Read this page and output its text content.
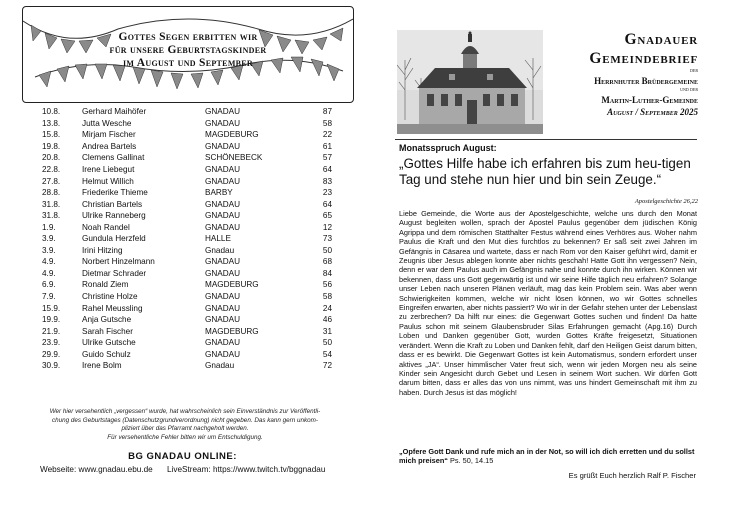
Gottes Segen erbitten wir
für unsere Geburtstagskinder
im August und September
10.8.	Gerhard Maihöfer	GNADAU	87
13.8.	Jutta Wesche	GNADAU	58
15.8.	Mirjam Fischer	MAGDEBURG	22
19.8.	Andrea Bartels	GNADAU	61
20.8.	Clemens Gallinat	SCHÖNEBECK	57
22.8.	Irene Liebegut	GNADAU	64
27.8.	Helmut Willich	GNADAU	83
28.8.	Friederike Thieme	BARBY	23
31.8.	Christian Bartels	GNADAU	64
31.8.	Ulrike Ranneberg	GNADAU	65
1.9.	Noah Randel	GNADAU	12
3.9.	Gundula Herzfeld	HALLE	73
3.9.	Irini Hitzing	Gnadau	50
4.9.	Norbert Hinzelmann	GNADAU	68
4.9.	Dietmar Schrader	GNADAU	84
6.9.	Ronald Ziem	MAGDEBURG	56
7.9.	Christine Holze	GNADAU	58
15.9.	Rahel Meussling	GNADAU	24
19.9.	Anja Gutsche	GNADAU	46
21.9.	Sarah Fischer	MAGDEBURG	31
23.9.	Ulrike Gutsche	GNADAU	50
29.9.	Guido Schulz	GNADAU	54
30.9.	Irene Bolm	Gnadau	72
Wer hier versehentlich „vergessen“ wurde, hat wahrscheinlich sein Einverständnis zur Veröffentli-
chung des Geburtstages (Datenschutzgrundverordnung) nicht gegeben. Das kann gern unkom-
pliziert über das Pfarramt nachgeholt werden.
Für versehentliche Fehler bitten wir um Entschuldigung.
BG GNADAU ONLINE:
Webseite: www.gnadau.ebu.de LiveStream: https://www.twitch.tv/bggnadau
Gnadauer
Gemeindebrief
der
Herrnhuter Brüdergemeine
und der
Martin-Luther-Gemeinde
August / September 2025
Monatsspruch August:
„Gottes Hilfe habe ich erfahren bis zum heu-tigen Tag und stehe nun hier und bin sein Zeuge.“
Apostelgeschichte 26,22
Liebe Gemeinde, die Worte aus der Apostelgeschichte, welche uns durch den Monat August begleiten wollen, sprach der Apostel Paulus gegenüber dem jüdischen König Agrippa und dem römischen Statthalter Festus während eines Verhöres aus. Woher nahm Paulus die Kraft und den Mut dies furchtlos zu bekennen? Er saß seit zwei Jahren im Gefängnis in Cäsarea und wartete, dass er nach Rom vor den Kaiser geführt wird, damit er Zeugnis über Jesus ablegen konnte aber nichts geschah! Hatte Gott ihn vergessen? Nein, denn er war dem Paulus auch im Gefängnis nahe und konnte durch ihn wirken. Können wir bekennen, dass uns Gott gegenwärtig ist und wir seine Hilfe täglich neu erfahren? Solange unser Leben nach unseren Plänen verläuft, mag das kein Problem sein. Was aber wenn Schwierigkeiten kommen, welche wir nicht lösen können, wo wir Gottes schnelles Eingreifen erwarten, aber nichts passiert? Wo wir in der Gefahr stehen unter der Lebenslast zu zerbrechen? Da hilft nur eines: die Gegenwart Gottes suchen und finden! Da hatte Paulus schon mit seinem Glaubensbruder Silas Erfahrungen gemacht (Apg.16) Durch Loben und Danken gegenüber Gott, wurden Gottes Kräfte freigesetzt, Situationen verändert. Wenn die Kraft zu Loben und Danken fehlt, darf den Heiligen Geist darum bitten, dass er es bewirkt. Die Gegenwart Gottes ist kein Automatismus, sondern erfordert unser aktives „JA“. Unser himmlischer Vater freut sich, wenn wir jeden Morgen neu als seine Kinder sein Angesicht durch Gebet und Lesen in seinem Wort suchen. Wir dürfen Gott darum bitten, dass er alles das von uns nimmt, was uns hindert Gemeinschaft mit ihm zu haben. Durch Jesus ist das möglich!
„Opfere Gott Dank und rufe mich an in der Not, so will ich dich erretten und du sollst mich preisen“ Ps. 50, 14.15
Es grüßt Euch herzlich Ralf P. Fischer
